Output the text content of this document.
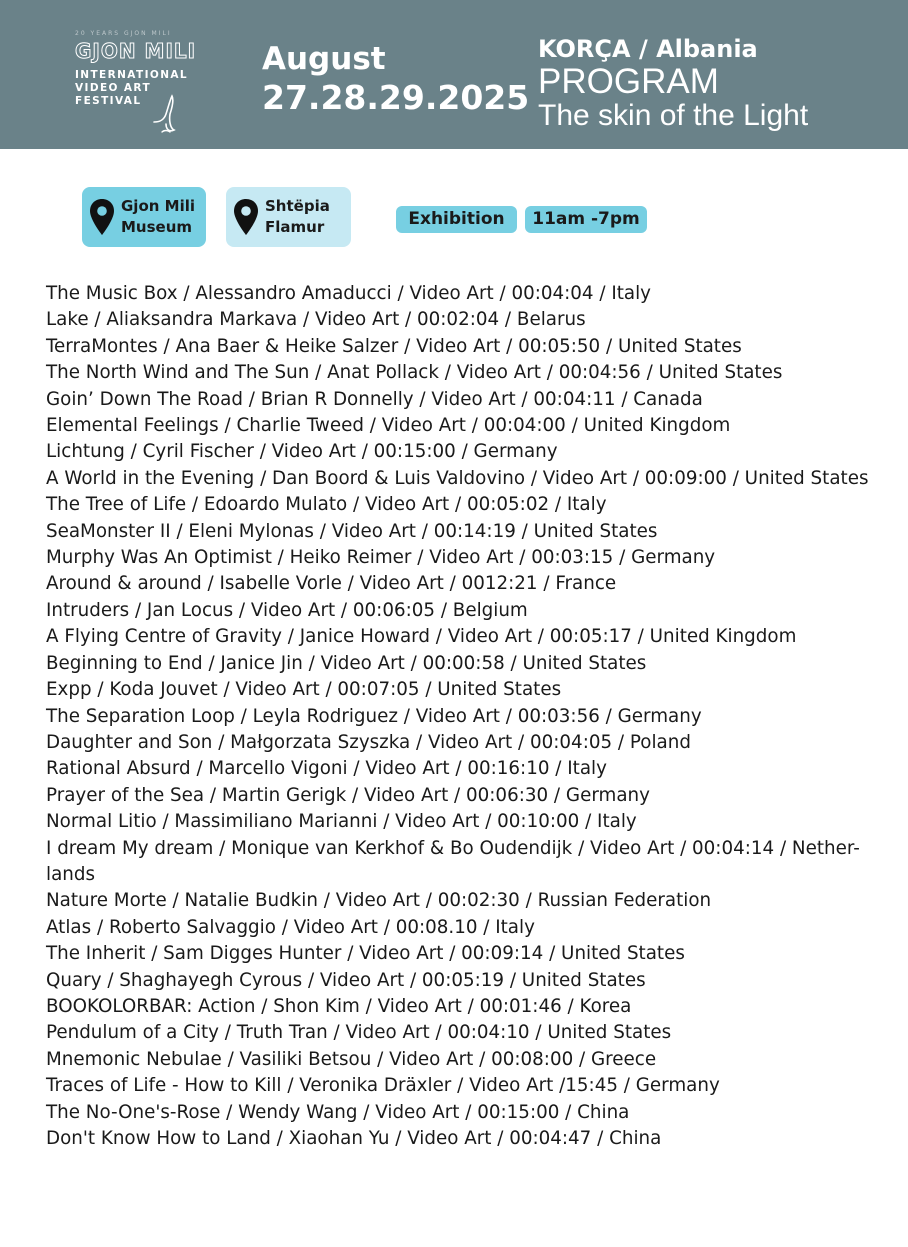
20 YEARS GJON MILI
GJON MILI
INTERNATIONAL
VIDEO ART
FESTIVAL
August
27.28.29.2025
KORÇA / Albania
PROGRAM
The skin of the Light
Gjon Mili
Museum
Shtëpia
Flamur	Exhibition	11am -7pm
The Music Box / Alessandro Amaducci / Video Art / 00:04:04 / Italy
Lake / Aliaksandra Markava / Video Art / 00:02:04 / Belarus
TerraMontes / Ana Baer & Heike Salzer / Video Art / 00:05:50 / United States
The North Wind and The Sun / Anat Pollack / Video Art / 00:04:56 / United States
Goin’ Down The Road / Brian R Donnelly / Video Art / 00:04:11 / Canada
Elemental Feelings / Charlie Tweed / Video Art / 00:04:00 / United Kingdom
Lichtung / Cyril Fischer / Video Art / 00:15:00 / Germany
A World in the Evening / Dan Boord & Luis Valdovino / Video Art / 00:09:00 / United States
The Tree of Life / Edoardo Mulato / Video Art / 00:05:02 / Italy
SeaMonster II / Eleni Mylonas / Video Art / 00:14:19 / United States
Murphy Was An Optimist / Heiko Reimer / Video Art / 00:03:15 / Germany
Around & around / Isabelle Vorle / Video Art / 0012:21 / France
Intruders / Jan Locus / Video Art / 00:06:05 / Belgium
A Flying Centre of Gravity / Janice Howard / Video Art / 00:05:17 / United Kingdom
Beginning to End / Janice Jin / Video Art / 00:00:58 / United States
Expp / Koda Jouvet / Video Art / 00:07:05 / United States
The Separation Loop / Leyla Rodriguez / Video Art / 00:03:56 / Germany
Daughter and Son / Małgorzata Szyszka / Video Art / 00:04:05 / Poland
Rational Absurd / Marcello Vigoni / Video Art / 00:16:10 / Italy
Prayer of the Sea / Martin Gerigk / Video Art / 00:06:30 / Germany
Normal Litio / Massimiliano Marianni / Video Art / 00:10:00 / Italy
I dream My dream / Monique van Kerkhof & Bo Oudendijk / Video Art / 00:04:14 / Nether-
lands
Nature Morte / Natalie Budkin / Video Art / 00:02:30 / Russian Federation
Atlas / Roberto Salvaggio / Video Art / 00:08.10 / Italy
The Inherit / Sam Digges Hunter / Video Art / 00:09:14 / United States
Quary / Shaghayegh Cyrous / Video Art / 00:05:19 / United States
BOOKOLORBAR: Action / Shon Kim / Video Art / 00:01:46 / Korea
Pendulum of a City / Truth Tran / Video Art / 00:04:10 / United States
Mnemonic Nebulae / Vasiliki Betsou / Video Art / 00:08:00 / Greece
Traces of Life - How to Kill / Veronika Dräxler / Video Art /15:45 / Germany
The No-One's-Rose / Wendy Wang / Video Art / 00:15:00 / China
Don't Know How to Land / Xiaohan Yu / Video Art / 00:04:47 / China
